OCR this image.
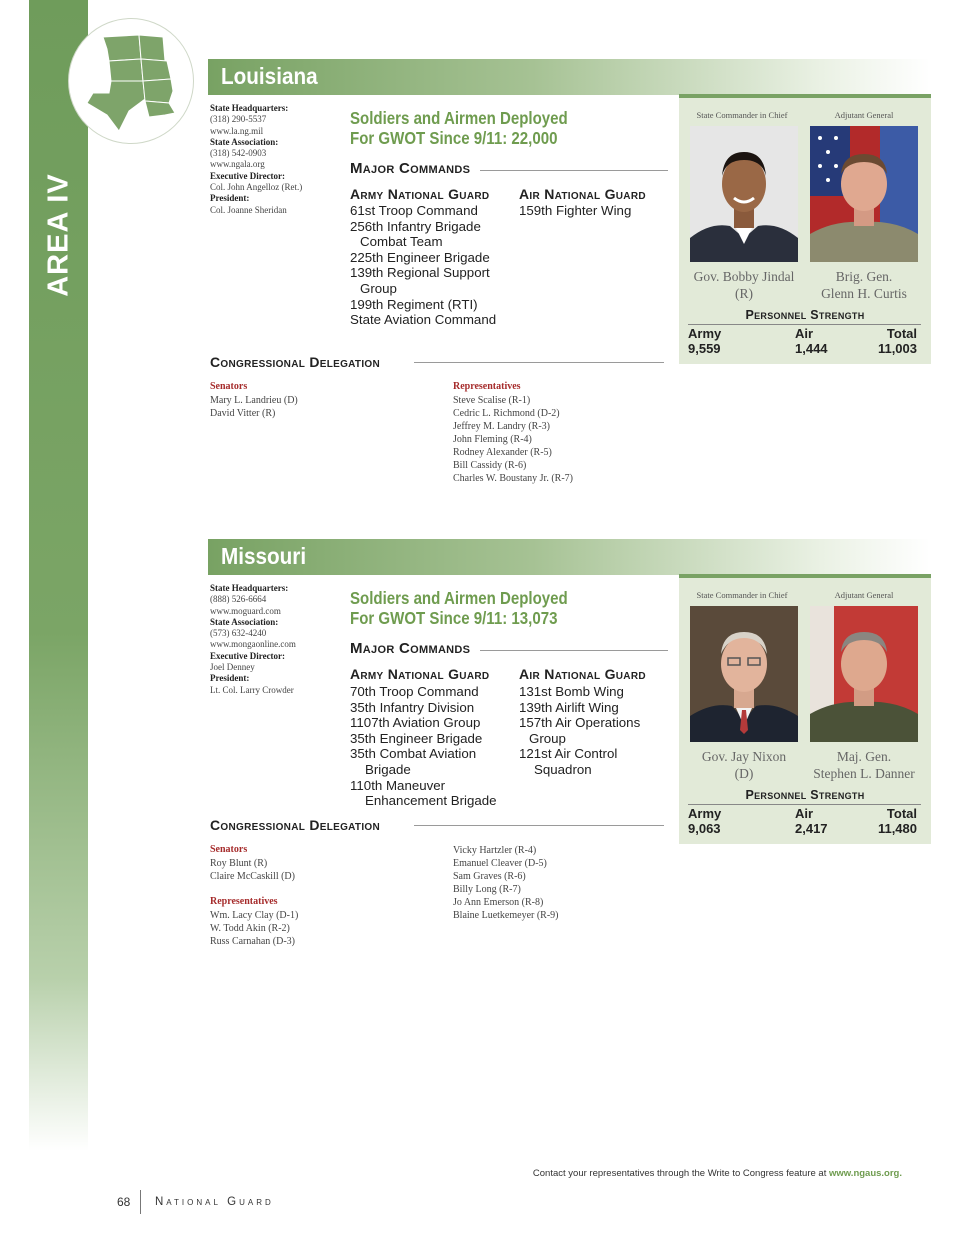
AREA IV
Louisiana
State Headquarters:
(318) 290-5537
www.la.ng.mil
State Association:
(318) 542-0903
www.ngala.org
Executive Director:
Col. John Angelloz (Ret.)
President:
Col. Joanne Sheridan
Soldiers and Airmen Deployed
For GWOT Since 9/11: 22,000
Major Commands
Army National Guard
61st Troop Command
256th Infantry Brigade
Combat Team
225th Engineer Brigade
139th Regional Support
Group
199th Regiment (RTI)
State Aviation Command
Air National Guard
159th Fighter Wing
State Commander in Chief	Adjutant General
Gov. Bobby Jindal
(R)
Brig. Gen.
Glenn H. Curtis
Personnel Strength
Army
9,559
Air
1,444
Total
11,003
Congressional Delegation
Senators
Mary L. Landrieu (D)
David Vitter (R)
Representatives
Steve Scalise (R-1)
Cedric L. Richmond (D-2)
Jeffrey M. Landry (R-3)
John Fleming (R-4)
Rodney Alexander (R-5)
Bill Cassidy (R-6)
Charles W. Boustany Jr. (R-7)
Missouri
State Headquarters:
(888) 526-6664
www.moguard.com
State Association:
(573) 632-4240
www.mongaonline.com
Executive Director:
Joel Denney
President:
Lt. Col. Larry Crowder
Soldiers and Airmen Deployed
For GWOT Since 9/11: 13,073
Major Commands
Army National Guard
70th Troop Command
35th Infantry Division
1107th Aviation Group
35th Engineer Brigade
35th Combat Aviation
Brigade
110th Maneuver
Enhancement Brigade
Air National Guard
131st Bomb Wing
139th Airlift Wing
157th Air Operations
Group
121st Air Control
Squadron
State Commander in Chief	Adjutant General
Gov. Jay Nixon
(D)
Maj. Gen.
Stephen L. Danner
Personnel Strength
Army
9,063
Air
2,417
Total
11,480
Congressional Delegation
Senators
Roy Blunt (R)
Claire McCaskill (D)
Representatives
Wm. Lacy Clay (D-1)
W. Todd Akin (R-2)
Russ Carnahan (D-3)
Vicky Hartzler (R-4)
Emanuel Cleaver (D-5)
Sam Graves (R-6)
Billy Long (R-7)
Jo Ann Emerson (R-8)
Blaine Luetkemeyer (R-9)
Contact your representatives through the Write to Congress feature at www.ngaus.org.
68 National Guard
